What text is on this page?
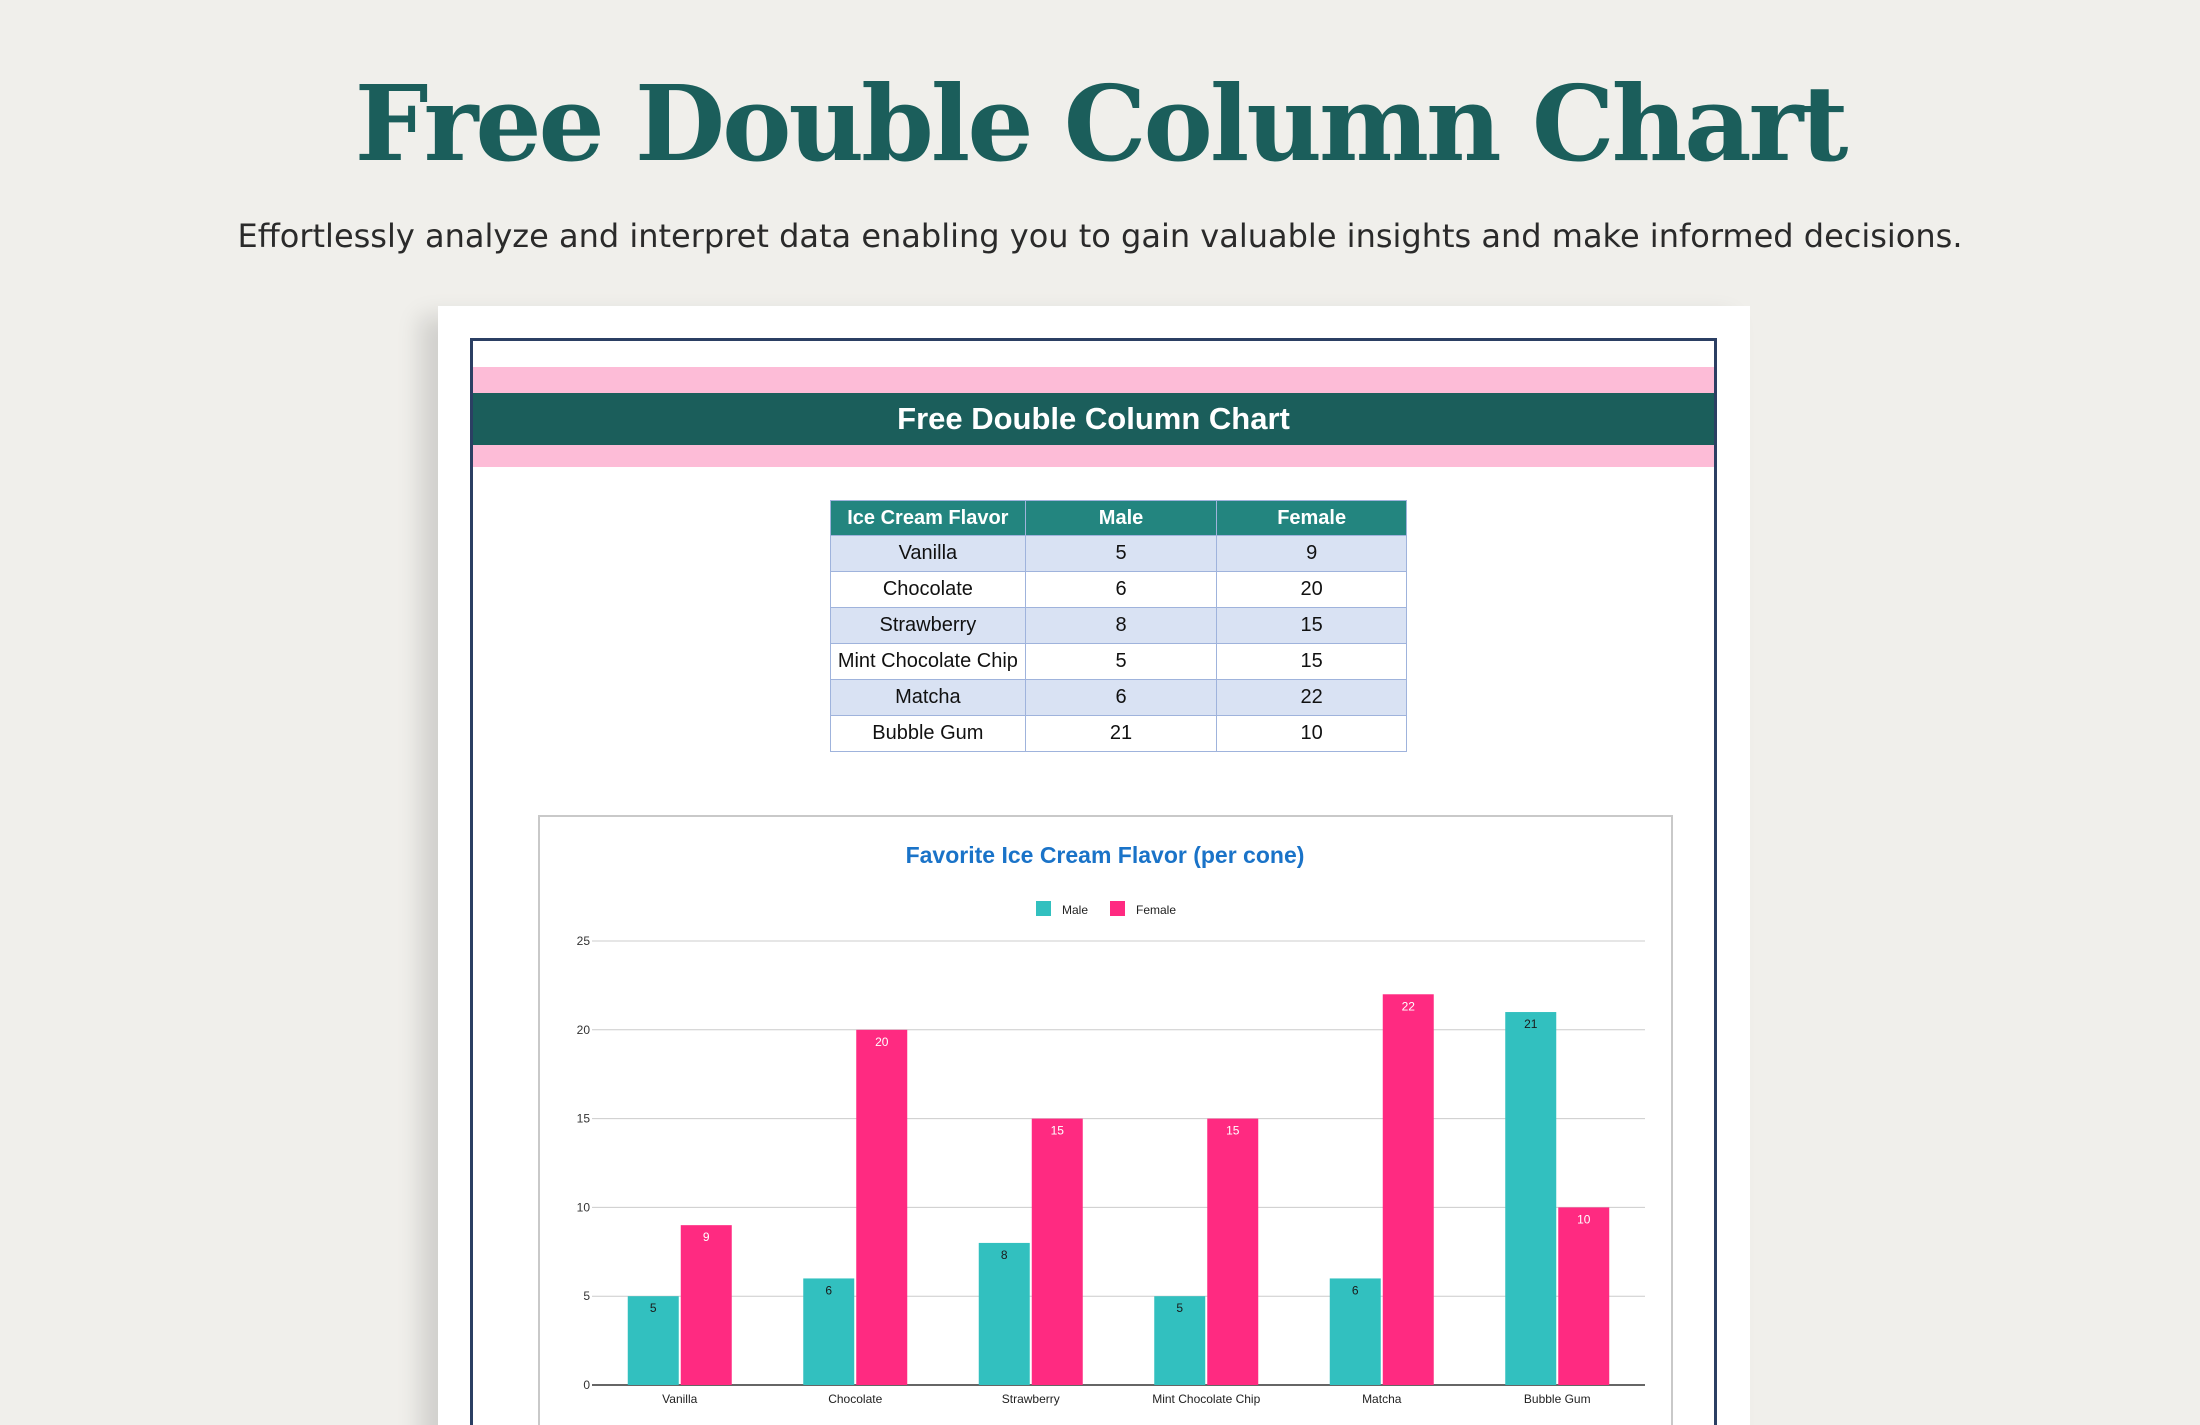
Free Double Column Chart
Effortlessly analyze and interpret data enabling you to gain valuable insights and make informed decisions.
Free Double Column Chart
Ice Cream Flavor	Male	Female
Vanilla	5	9
Chocolate	6	20
Strawberry	8	15
Mint Chocolate Chip	5	15
Matcha	6	22
Bubble Gum	21	10
Favorite Ice Cream Flavor (per cone)
Male	Female
0
5
10
15
20
25
5
9
6
20
8
15
5
15
6
22
21
10
Vanilla	Chocolate	Strawberry	Mint Chocolate Chip	Matcha	Bubble Gum
